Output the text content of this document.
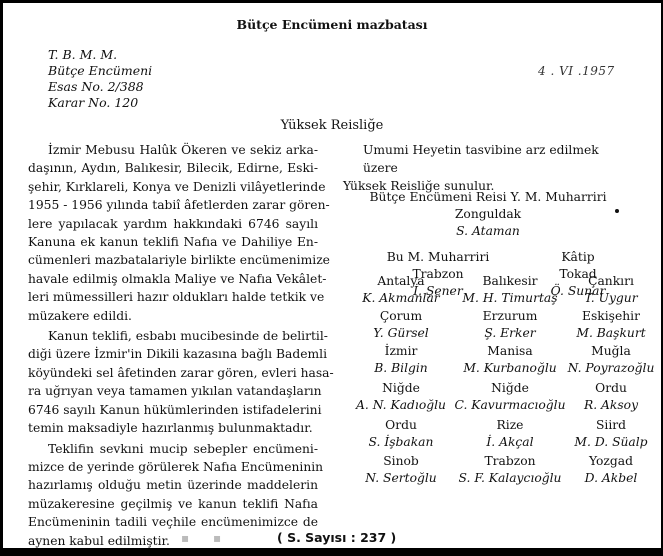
Bütçe Encümeni mazbatası
T. B. M. M.
Bütçe Encümeni
Esas No. 2/388
Karar No. 120
4 . VI .1957
Yüksek Reisliğe

İzmir Mebusu Halûk Ökeren ve sekiz arka-
daşının, Aydın, Balıkesir, Bilecik, Edirne, Eski-
şehir, Kırklareli, Konya ve Denizli vilâyetlerinde
1955 - 1956 yılında tabiî âfetlerden zarar gören-
lere yapılacak yardım hakkındaki 6746 sayılı
Kanuna ek kanun teklifi Nafıa ve Dahiliye En-
cümenleri mazbatalariyle birlikte encümenimize
havale edilmiş olmakla Maliye ve Nafıa Vekâlet-
leri mümessilleri hazır oldukları halde tetkik ve
müzakere edildi.

Kanun teklifi, esbabı mucibesinde de belirtil-
diği üzere İzmir'in Dikili kazasına bağlı Bademli
köyündeki sel âfetinden zarar gören, evleri hasa-
ra uğrıyan veya tamamen yıkılan vatandaşların
6746 sayılı Kanun hükümlerinden istifadelerini
temin maksadiyle hazırlanmış bulunmaktadır.

Teklifin sevkıni mucip sebepler encümeni-
mizce de yerinde görülerek Nafıa Encümeninin
hazırlamış olduğu metin üzerinde maddelerin
müzakeresine geçilmiş ve kanun teklifi Nafıa
Encümeninin tadili veçhile encümenimizce de
aynen kabul edilmiştir.

Umumi Heyetin tasvibine arz edilmek üzere
Yüksek Reisliğe sunulur.
Bütçe Encümeni Reisi Y. M. Muharriri
Zonguldak
S. Ataman
Bu M. Muharriri
Trabzon
İ. Şener
Kâtip
Tokad
Ö. Sunar
Antalya
K. Akmanlar
Balıkesir
M. H. Timurtaş
Çankırı
T. Uygur
Çorum
Y. Gürsel
Erzurum
Ş. Erker
Eskişehir
M. Başkurt
İzmir
B. Bilgin
Manisa
M. Kurbanoğlu
Muğla
N. Poyrazoğlu
Niğde
A. N. Kadıoğlu
Niğde
C. Kavurmacıoğlu
Ordu
R. Aksoy
Ordu
S. İşbakan
Rize
İ. Akçal
Siird
M. D. Süalp
Sinob
N. Sertoğlu
Trabzon
S. F. Kalaycıoğlu
Yozgad
D. Akbel
▪ ▪	( S. Sayısı : 237 )
